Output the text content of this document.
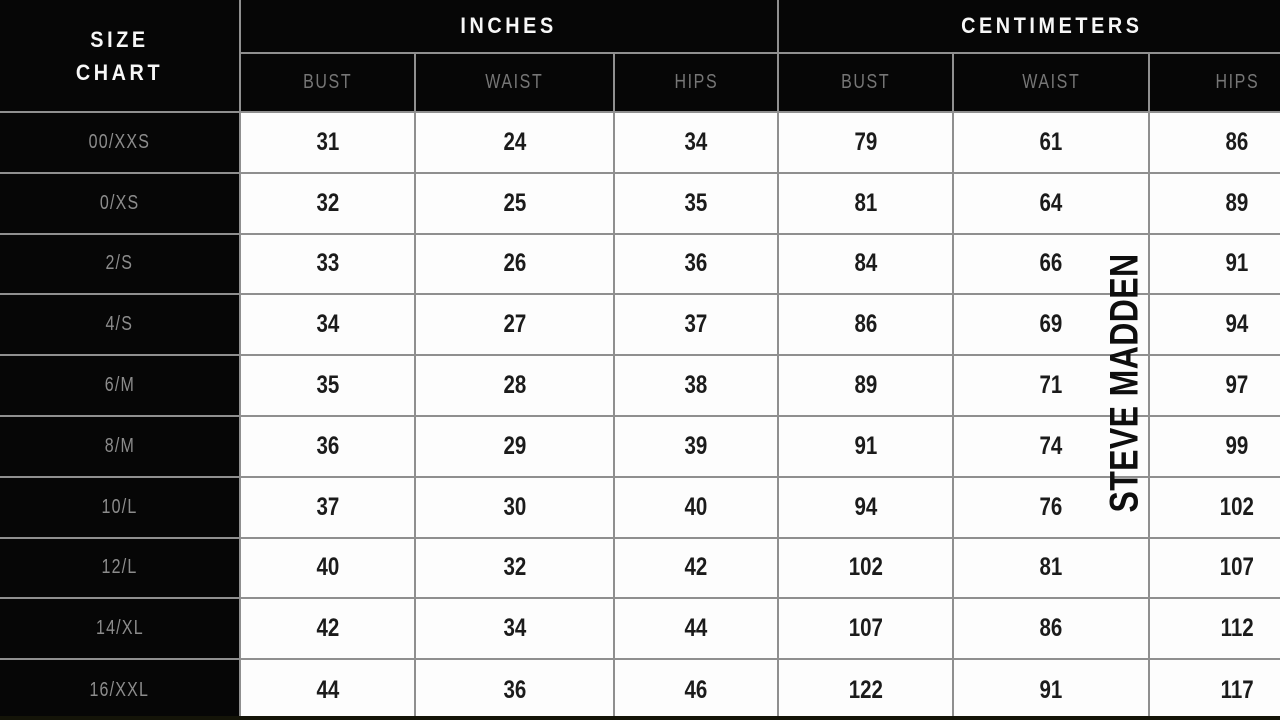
SIZE
CHART	INCHES			CENTIMETERS		
	BUST	WAIST	HIPS	BUST	WAIST	HIPS
00/XXS	31	24	34	79	61	86
0/XS	32	25	35	81	64	89
2/S	33	26	36	84	66	91
4/S	34	27	37	86	69	94
6/M	35	28	38	89	71	97
8/M	36	29	39	91	74	99
10/L	37	30	40	94	76	102
12/L	40	32	42	102	81	107
14/XL	42	34	44	107	86	112
16/XXL	44	36	46	122	91	117
STEVE MADDEN
